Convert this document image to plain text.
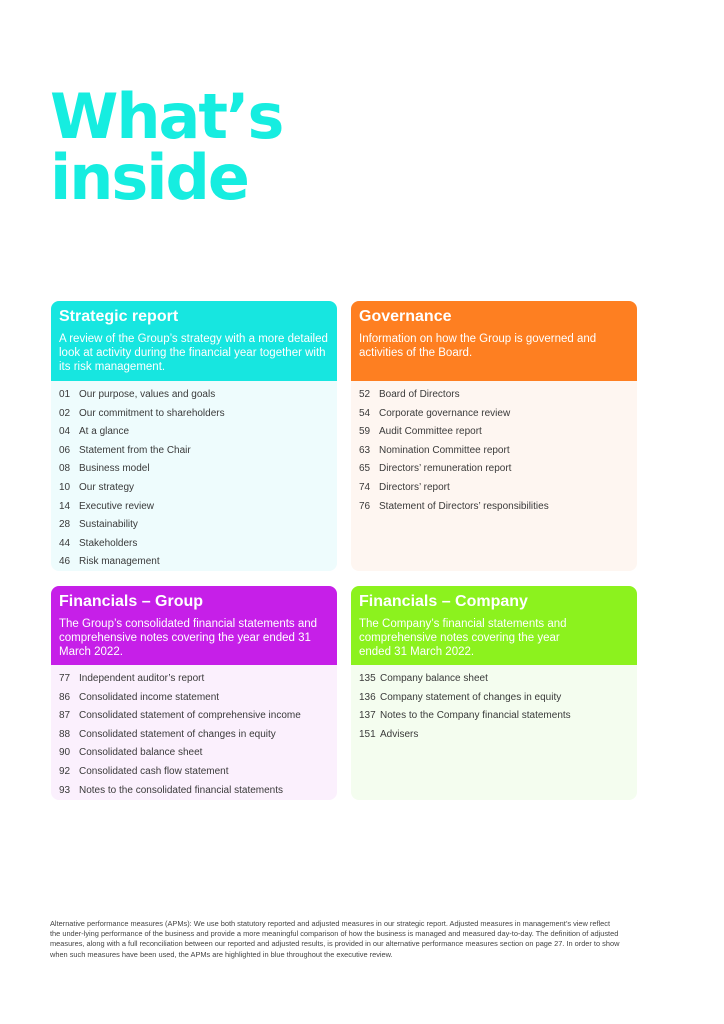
What’s
inside
Strategic report
A review of the Group’s strategy with a more detailed look at activity during the financial year together with its risk management.
01 Our purpose, values and goals
02 Our commitment to shareholders
04 At a glance
06 Statement from the Chair
08 Business model
10 Our strategy
14 Executive review
28 Sustainability
44 Stakeholders
46 Risk management
Governance
Information on how the Group is governed and activities of the Board.
52 Board of Directors
54 Corporate governance review
59 Audit Committee report
63 Nomination Committee report
65 Directors’ remuneration report
74 Directors’ report
76 Statement of Directors’ responsibilities
Financials – Group
The Group’s consolidated financial statements and comprehensive notes covering the year ended 31 March 2022.
77 Independent auditor’s report
86 Consolidated income statement
87 Consolidated statement of comprehensive income
88 Consolidated statement of changes in equity
90 Consolidated balance sheet
92 Consolidated cash flow statement
93 Notes to the consolidated financial statements
Financials – Company
The Company’s financial statements and comprehensive notes covering the year ended 31 March 2022.
135 Company balance sheet
136 Company statement of changes in equity
137 Notes to the Company financial statements
151 Advisers

Alternative performance measures (APMs): We use both statutory reported and adjusted measures in our strategic report. Adjusted measures in management’s view reflect the under-lying performance of the business and provide a more meaningful comparison of how the business is managed and measured day-to-day. The definition of adjusted measures, along with a full reconciliation between our reported and adjusted results, is provided in our alternative performance measures section on page 27. In order to show when such measures have been used, the APMs are highlighted in blue throughout the executive review.
